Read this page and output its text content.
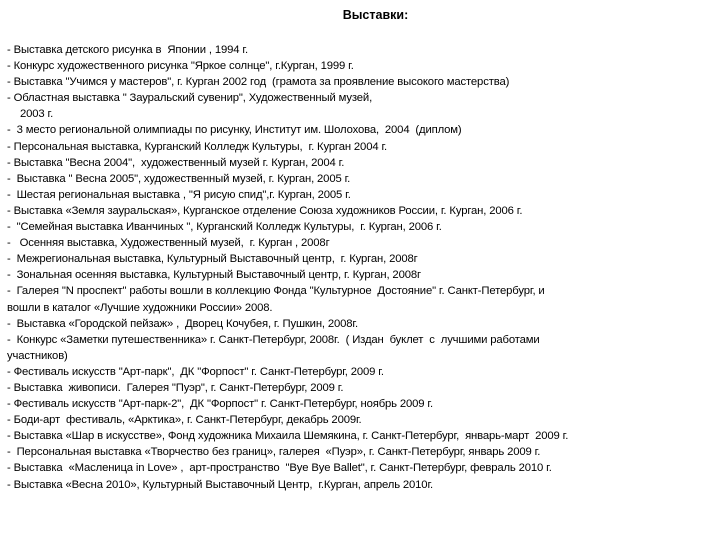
Выставки:
- Выставка детского рисунка в  Японии , 1994 г.
- Конкурс художественного рисунка "Яркое солнце", г.Курган, 1999 г.
- Выставка "Учимся у мастеров", г. Курган 2002 год  (грамота за проявление высокого мастерства)
- Областная выставка " Зауральский сувенир", Художественный музей,
2003 г.
-  3 место региональной олимпиады по рисунку, Институт им. Шолохова,  2004  (диплом)
- Персональная выставка, Курганский Колледж Культуры,  г. Курган 2004 г.
- Выставка "Весна 2004",  художественный музей г. Курган, 2004 г.
-  Выставка " Весна 2005", художественный музей, г. Курган, 2005 г.
-  Шестая региональная выставка , "Я рисую спид",г. Курган, 2005 г.
- Выставка «Земля зауральская», Курганское отделение Союза художников России, г. Курган, 2006 г.
-  "Семейная выставка Иванчиных ", Курганский Колледж Культуры,  г. Курган, 2006 г.
-   Осенняя выставка, Художественный музей,  г. Курган , 2008г
-  Межрегиональная выставка, Культурный Выставочный центр,  г. Курган, 2008г
-  Зональная осенняя выставка, Культурный Выставочный центр, г. Курган, 2008г
-  Галерея "N проспект" работы вошли в коллекцию Фонда "Культурное  Достояние" г. Санкт-Петербург, и
вошли в каталог «Лучшие художники России» 2008.
-  Выставка «Городской пейзаж» ,  Дворец Кочубея, г. Пушкин, 2008г.
-  Конкурс «Заметки путешественника» г. Санкт-Петербург, 2008г.  ( Издан  буклет  с  лучшими работами
участников)
- Фестиваль искусств "Арт-парк",  ДК "Форпост" г. Санкт-Петербург, 2009 г.
- Выставка  живописи.  Галерея "Пуэр", г. Санкт-Петербург, 2009 г.
- Фестиваль искусств "Арт-парк-2",  ДК "Форпост" г. Санкт-Петербург, ноябрь 2009 г.
- Боди-арт  фестиваль, «Арктика», г. Санкт-Петербург, декабрь 2009г.
- Выставка «Шар в искусстве», Фонд художника Михаила Шемякина, г. Санкт-Петербург,  январь-март  2009 г.
-  Персональная выставка «Творчество без границ», галерея  «Пуэр», г. Санкт-Петербург, январь 2009 г.
- Выставка  «Масленица in Love» ,  арт-пространство  "Bye Bye Ballet", г. Санкт-Петербург, февраль 2010 г.
- Выставка «Весна 2010», Культурный Выставочный Центр,  г.Курган, апрель 2010г.
